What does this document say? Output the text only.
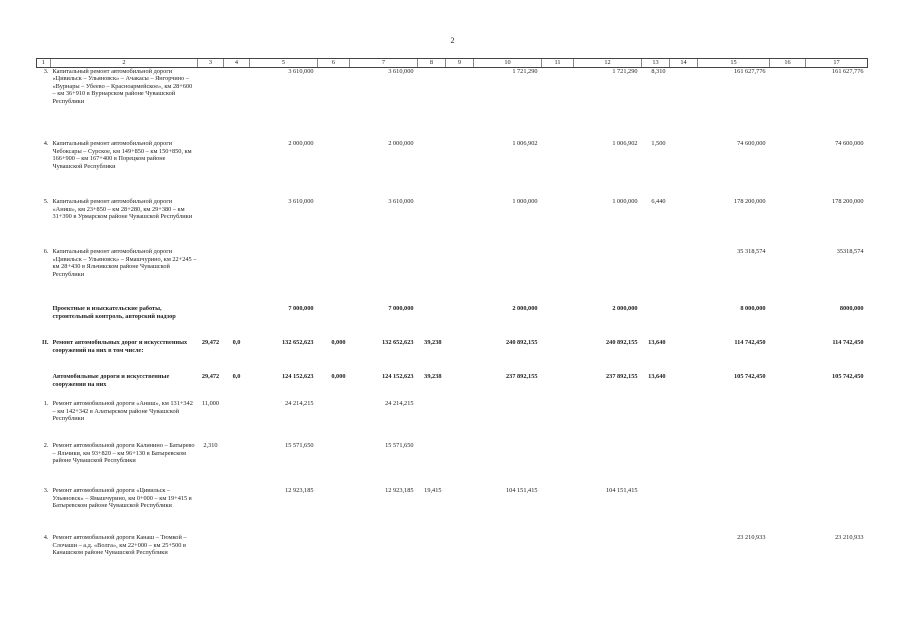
2
1	2	3	4	5	6	7	8	9	10	11	12	13	14	15	16	17
3.	Капитальный ремонт автомобильной дороги «Цивильск – Ульяновск» – Ачакасы – Янгорчино – «Вурнары – Убеево – Красноармейское», км 28+600 – км 36+910 в Вурнарском районе Чувашской Республики			3 610,000		3 610,000			1 721,290		1 721,290	8,310		161 627,776		161 627,776
4.	Капитальный ремонт автомобильной дороги Чебоксары – Сурское, км 149+850 – км 150+850, км 166+900 – км 167+400 в Порецком районе Чувашской Республики			2 000,000		2 000,000			1 006,902		1 006,902	1,500		74 600,000		74 600,000
5.	Капитальный ремонт автомобильной дороги «Аниш», км 23+850 – км 28+280, км 29+380 – км 31+390 в Урмарском районе Чувашской Республики			3 610,000		3 610,000			1 000,000		1 000,000	6,440		178 200,000		178 200,000
6.	Капитальный ремонт автомобильной дороги «Цивильск – Ульяновск» – Ямашчурино, км 22+245 – км 28+430 в Яльчикском районе Чувашской Республики													35 318,574		35318,574
	Проектные и изыскательские работы, строительный контроль, авторский надзор			7 000,000		7 000,000			2 000,000		2 000,000			8 000,000		8000,000
II.	Ремонт автомобильных дорог и искусственных сооружений на них в том числе:	29,472	0,0	132 652,623	0,000	132 652,623	39,238		240 892,155		240 892,155	13,640		114 742,450		114 742,450
	Автомобильные дороги и искусственные сооружения на них	29,472	0,0	124 152,623	0,000	124 152,623	39,238		237 892,155		237 892,155	13,640		105 742,450		105 742,450
1.	Ремонт автомобильной дороги «Аниш», км 131+342 – км 142+342 в Алатырском районе Чувашской Республики	11,000		24 214,215		24 214,215										
2.	Ремонт автомобильной дороги Калинино – Батырево – Яльчики, км 93+820 – км 96+130 в Батыревском районе Чувашской Республики	2,310		15 571,650		15 571,650										
3.	Ремонт автомобильной дороги «Цивильск – Ульяновск» – Ямашчурино, км 0+000 – км 19+415 в Батыревском районе Чувашской Республики			12 923,185		12 923,185	19,415		104 151,415		104 151,415					
4.	Ремонт автомобильной дороги Канаш – Тюмкой – Слочаши – а.д. «Волга», км 22+000 – км 25+500 в Канашском районе Чувашской Республики													23 210,933		23 210,933
